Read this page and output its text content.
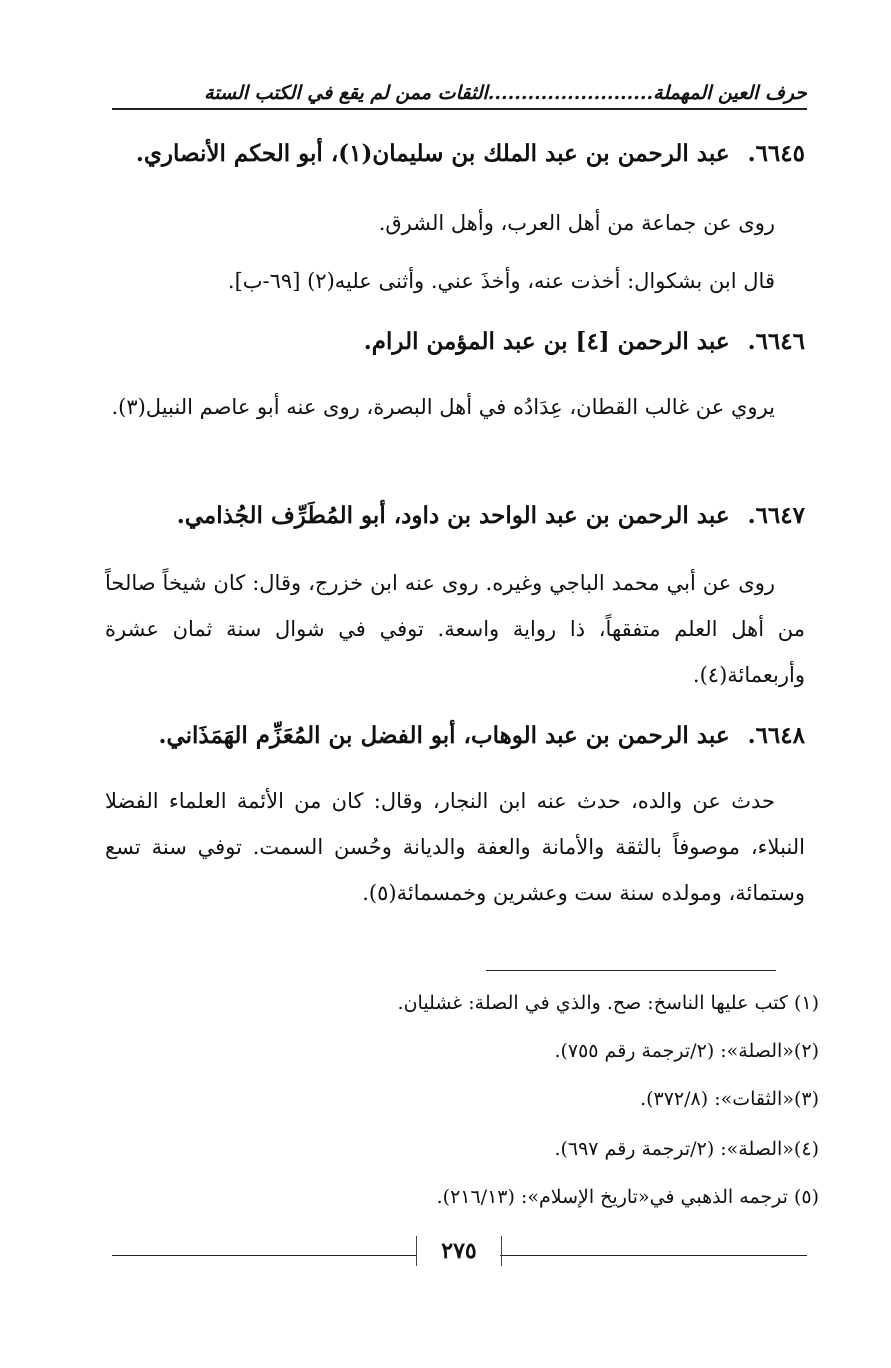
حرف العين المهملة.........................الثقات ممن لم يقع في الكتب الستة
٦٦٤٥. عبد الرحمن بن عبد الملك بن سليمان(١)، أبو الحكم الأنصاري.
روى عن جماعة من أهل العرب، وأهل الشرق.
قال ابن بشكوال: أخذت عنه، وأخذَ عني. وأثنى عليه(٢) [٦٩-ب].
٦٦٤٦. عبد الرحمن [٤] بن عبد المؤمن الرام.
يروي عن غالب القطان، عِدَادُه في أهل البصرة، روى عنه أبو عاصم النبيل(٣).
٦٦٤٧. عبد الرحمن بن عبد الواحد بن داود، أبو المُطَرِّف الجُذامي.
روى عن أبي محمد الباجي وغيره. روى عنه ابن خزرج، وقال: كان شيخاً صالحاً من أهل العلم متفقهاً، ذا رواية واسعة. توفي في شوال سنة ثمان عشرة وأربعمائة(٤).
٦٦٤٨. عبد الرحمن بن عبد الوهاب، أبو الفضل بن المُعَزِّم الهَمَذَاني.
حدث عن والده، حدث عنه ابن النجار، وقال: كان من الأئمة العلماء الفضلا النبلاء، موصوفاً بالثقة والأمانة والعفة والديانة وحُسن السمت. توفي سنة تسع وستمائة، ومولده سنة ست وعشرين وخمسمائة(٥).
(١) كتب عليها الناسخ: صح. والذي في الصلة: غشليان.
(٢)«الصلة»: (٢/ترجمة رقم ٧٥٥).
(٣)«الثقات»: (٣٧٢/٨).
(٤)«الصلة»: (٢/ترجمة رقم ٦٩٧).
(٥) ترجمه الذهبي في«تاريخ الإسلام»: (٢١٦/١٣).
٢٧٥
